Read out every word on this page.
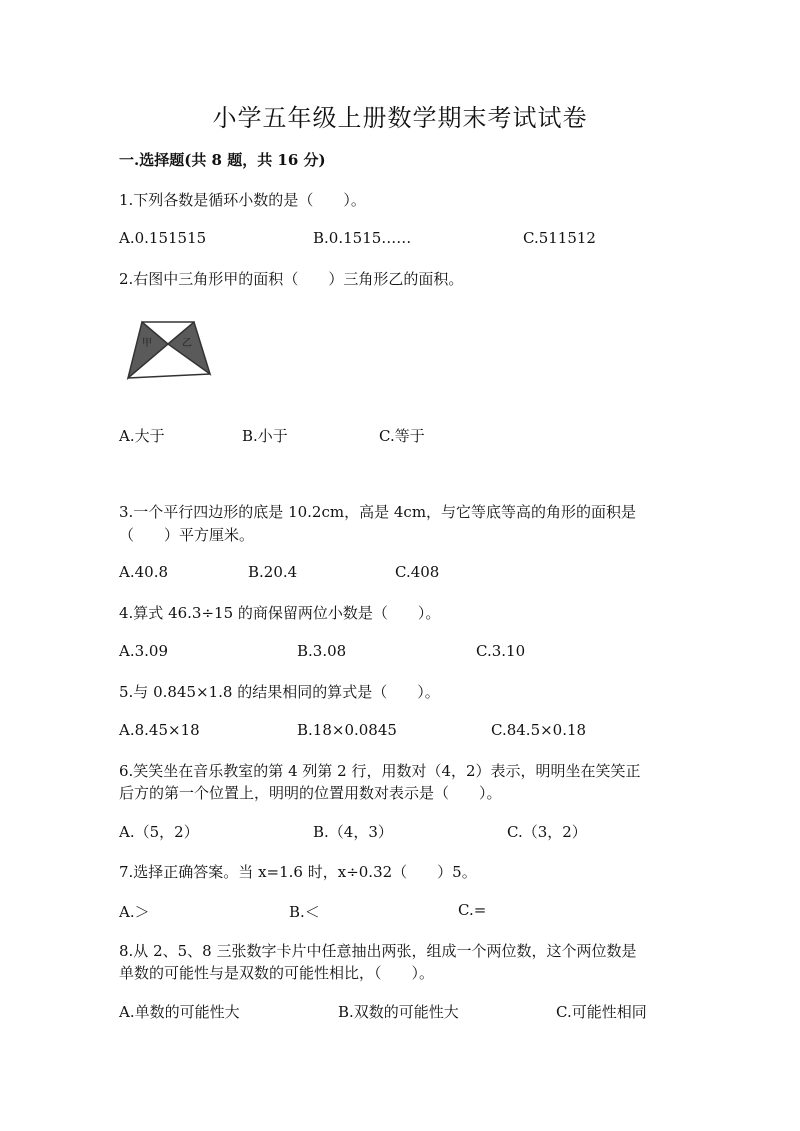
小学五年级上册数学期末考试试卷
一.选择题(共 8 题，共 16 分)
1.下列各数是循环小数的是（　　）。
A.0.151515	B.0.1515……	C.511512
2.右图中三角形甲的面积（　　）三角形乙的面积。
甲	乙
A.大于	B.小于	C.等于
3.一个平行四边形的底是 10.2cm，高是 4cm，与它等底等高的角形的面积是
（　　）平方厘米。
A.40.8	B.20.4	C.408
4.算式 46.3÷15 的商保留两位小数是（　　）。
A.3.09	B.3.08	C.3.10
5.与 0.845×1.8 的结果相同的算式是（　　）。
A.8.45×18	B.18×0.0845	C.84.5×0.18
6.笑笑坐在音乐教室的第 4 列第 2 行，用数对（4，2）表示，明明坐在笑笑正
后方的第一个位置上，明明的位置用数对表示是（　　）。
A.（5，2）	B.（4，3）	C.（3，2）
7.选择正确答案。当 x=1.6 时，x÷0.32（　　）5。
A.＞	B.＜	C.=
8.从 2、5、8 三张数字卡片中任意抽出两张，组成一个两位数，这个两位数是
单数的可能性与是双数的可能性相比，（　　）。
A.单数的可能性大	B.双数的可能性大	C.可能性相同
